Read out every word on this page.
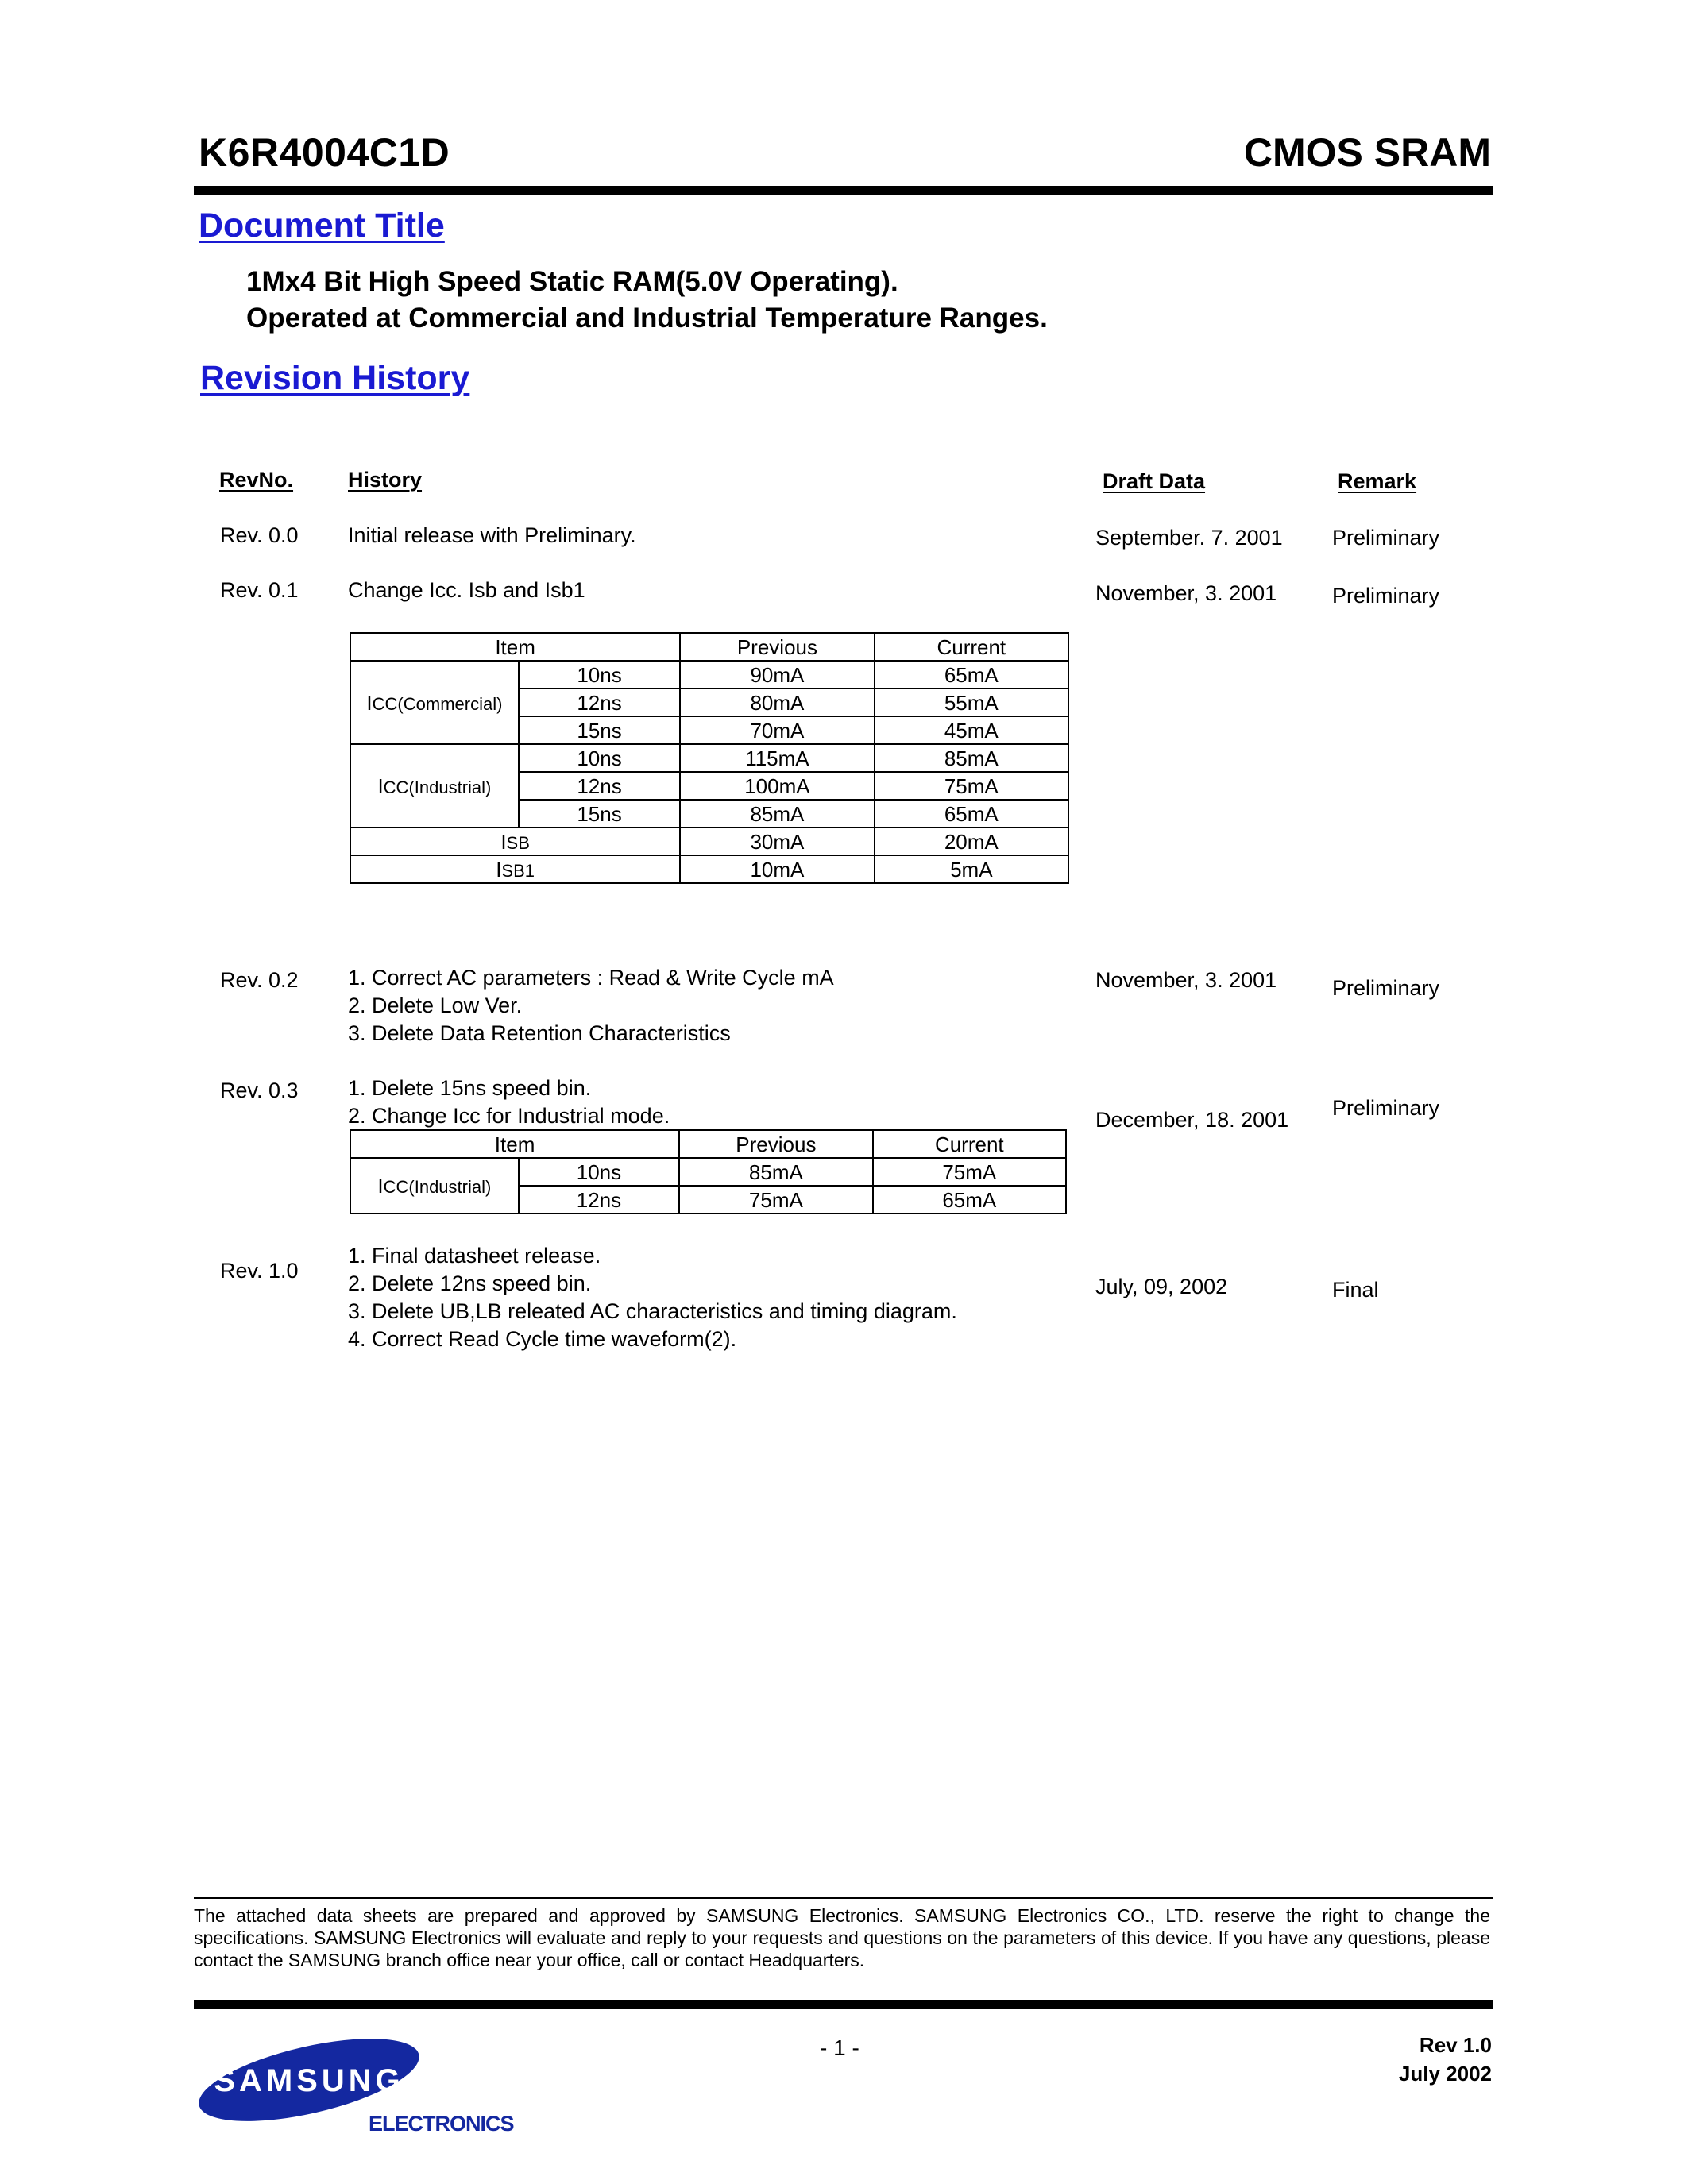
K6R4004C1D	CMOS SRAM
Document Title
1Mx4 Bit High Speed Static RAM(5.0V Operating).
Operated at Commercial and Industrial Temperature Ranges.
Revision History
RevNo.	History	Draft Data	Remark
Rev. 0.0 Initial release with Preliminary.	September. 7. 2001 Preliminary
Rev. 0.1 Change Icc. Isb and Isb1	November, 3. 2001	Preliminary
Item		Previous	Current
ICC(Commercial)	10ns	90mA	65mA
	12ns	80mA	55mA
	15ns	70mA	45mA
ICC(Industrial)	10ns	115mA	85mA
	12ns	100mA	75mA
	15ns	85mA	65mA
ISB		30mA	20mA
ISB1		10mA	5mA
Rev. 0.2 1. Correct AC parameters : Read & Write Cycle mA
2. Delete Low Ver.
3. Delete Data Retention Characteristics
November, 3. 2001	Preliminary
Rev. 0.3 1. Delete 15ns speed bin.
2. Change Icc for Industrial mode.	December, 18. 2001 Preliminary
Item		Previous	Current
ICC(Industrial)	10ns	85mA	75mA
	12ns	75mA	65mA
Rev. 1.0
1. Final datasheet release.
2. Delete 12ns speed bin.
3. Delete UB,LB releated AC characteristics and timing diagram.
4. Correct Read Cycle time waveform(2).
July, 09, 2002	Final
The attached data sheets are prepared and approved by SAMSUNG Electronics. SAMSUNG Electronics CO., LTD. reserve the right to change the specifications. SAMSUNG Electronics will evaluate and reply to your requests and questions on the parameters of this device. If you have any questions, please contact the SAMSUNG branch office near your office, call or contact Headquarters.
- 1 -	Rev 1.0
July 2002
SAMSUNG
ELECTRONICS
